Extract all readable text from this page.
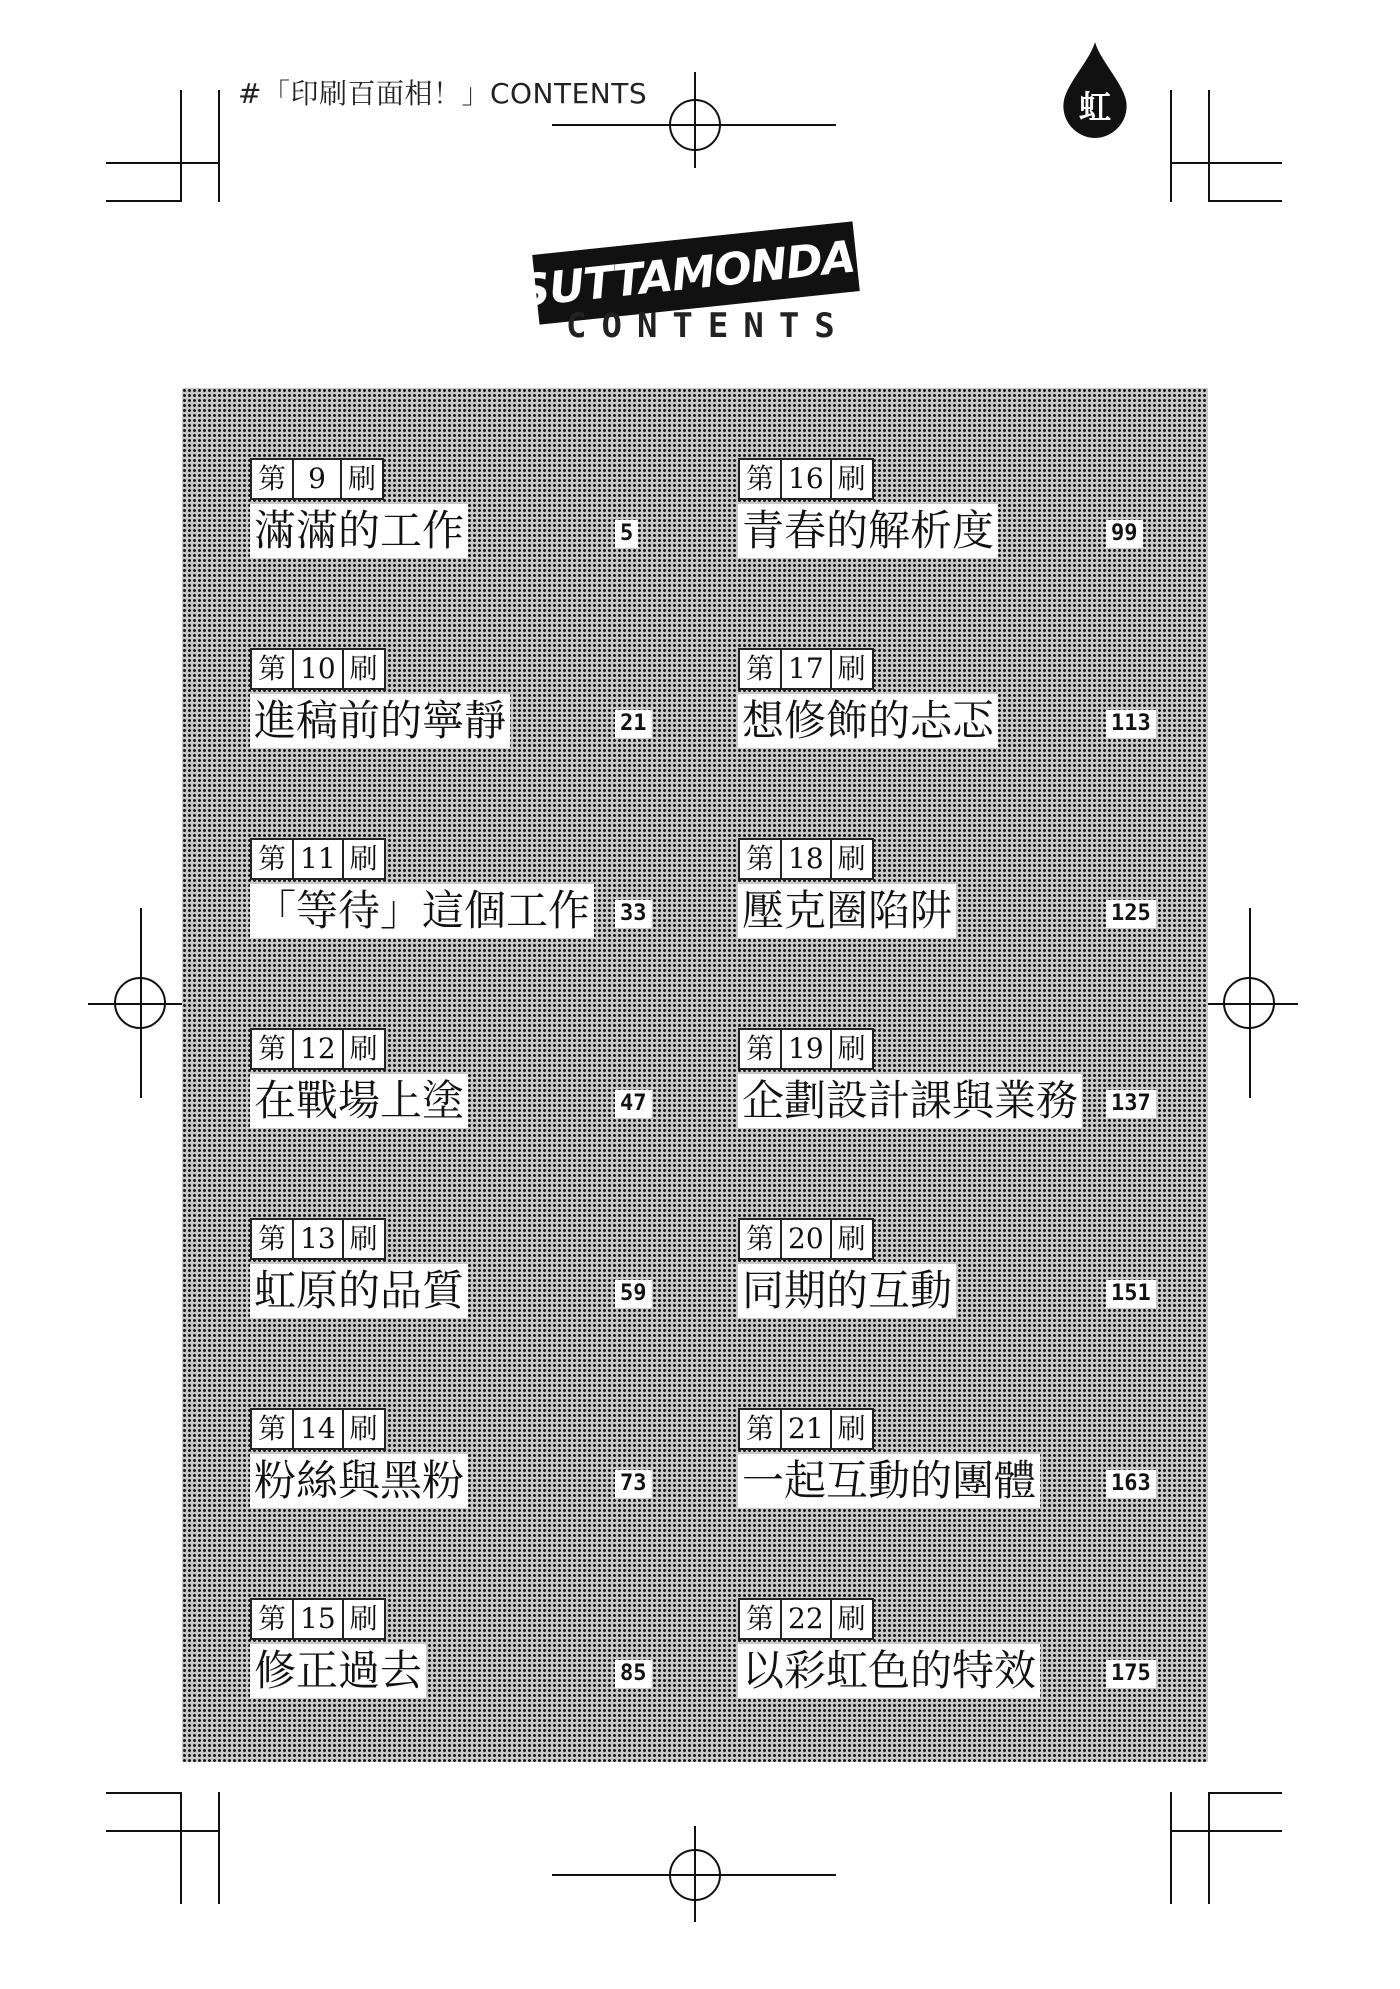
#「印刷百面相！」CONTENTS	虹
SUTTAMONDA!
CONTENTS
第 9 刷
滿滿的工作	5
第 10 刷
進稿前的寧靜	21
第 11 刷
「等待」這個工作 33
第 12 刷
在戰場上塗	47
第 13 刷
虹原的品質	59
第 14 刷
粉絲與黑粉	73
第 15 刷
修正過去	85
第 16 刷
青春的解析度	99
第 17 刷
想修飾的忐忑	113
第 18 刷
壓克圈陷阱	125
第 19 刷
企劃設計課與業務 137
第 20 刷
同期的互動	151
第 21 刷
一起互動的團體	163
第 22 刷
以彩虹色的特效	175
